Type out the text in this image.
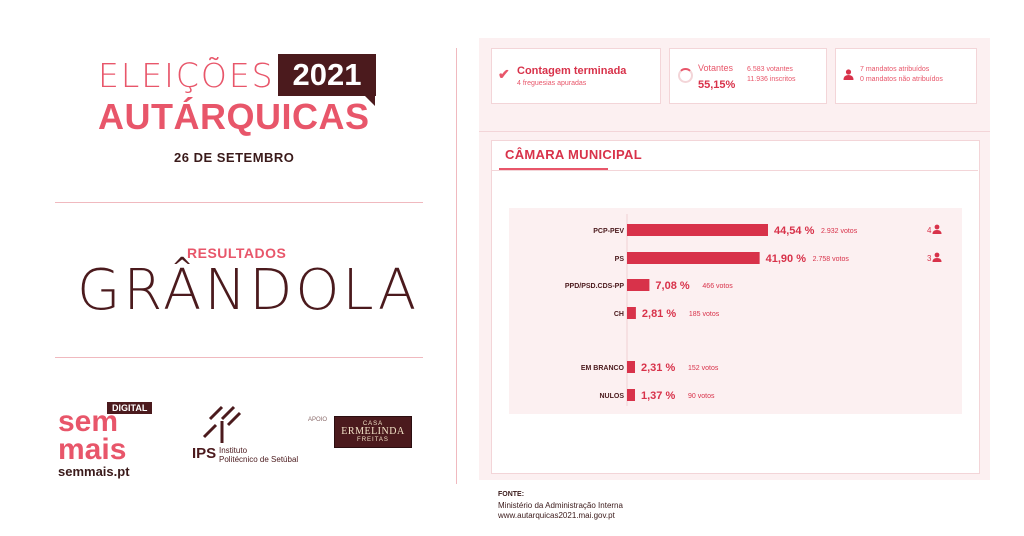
ELEIÇÕES 2021
AUTÁRQUICAS
26 DE SETEMBRO
RESULTADOS
GRÂNDOLA
DIGITAL
sem
mais
semmais.pt
IPS Instituto
Politécnico de Setúbal
APOIO
CASA
ERMELINDA
FREITAS
✔ Contagem terminada
4 freguesias apuradas
Votantes
55,15%
6.583 votantes
11.936 inscritos
7 mandatos atribuídos
0 mandatos não atribuídos
CÂMARA MUNICIPAL
PCP-PEV	44,54 % 2.932 votos	4
PS	41,90 % 2.758 votos	3
PPD/PSD.CDS-PP	7,08 % 466 votos
CH 2,81 % 185 votos
EM BRANCO 2,31 % 152 votos
NULOS 1,37 % 90 votos
FONTE:
Ministério da Administração Interna
www.autarquicas2021.mai.gov.pt
